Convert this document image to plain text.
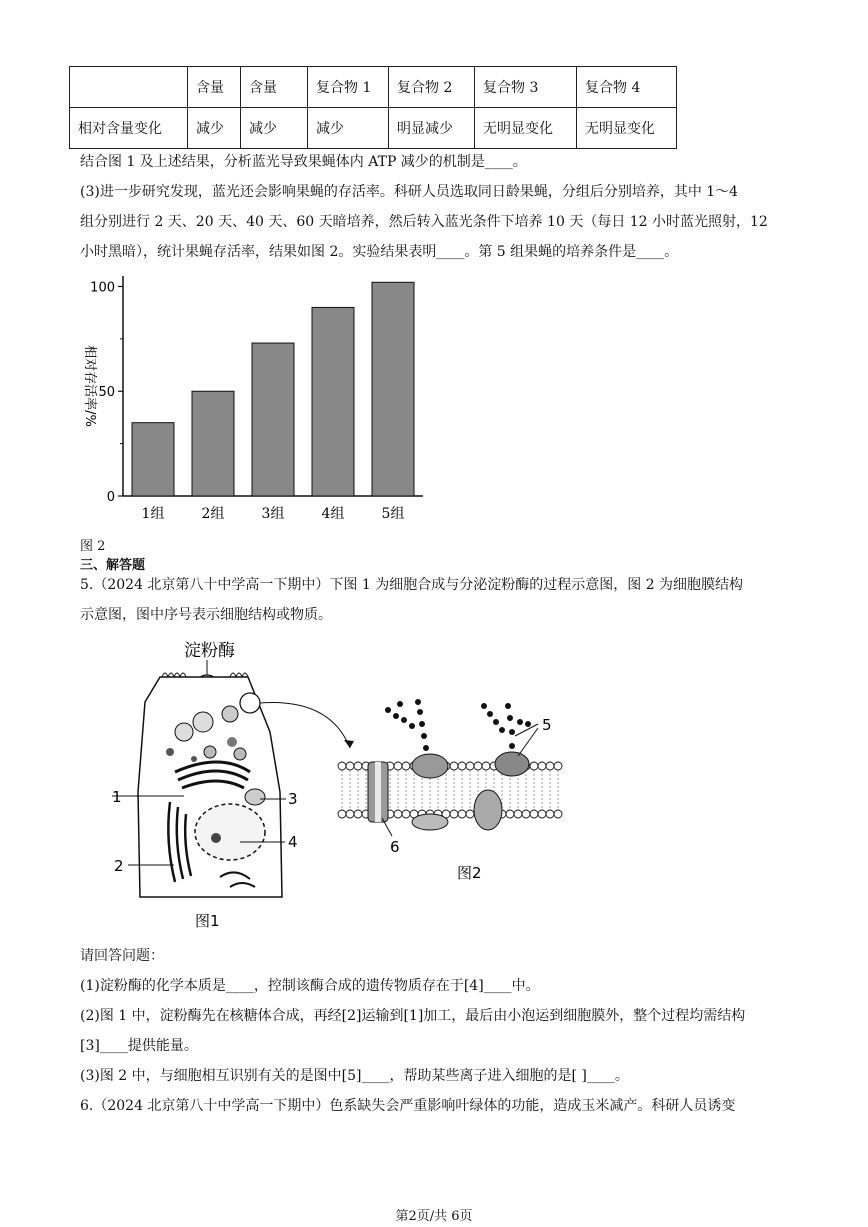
	含量	含量	复合物 1	复合物 2	复合物 3	复合物 4
相对含量变化	减少	减少	减少	明显减少	无明显变化	无明显变化
结合图 1 及上述结果，分析蓝光导致果蝇体内 ATP 减少的机制是____。
(3)进一步研究发现，蓝光还会影响果蝇的存活率。科研人员选取同日龄果蝇，分组后分别培养，其中 1～4
组分别进行 2 天、20 天、40 天、60 天暗培养，然后转入蓝光条件下培养 10 天（每日 12 小时蓝光照射，12
小时黑暗），统计果蝇存活率，结果如图 2。实验结果表明____。第 5 组果蝇的培养条件是____。
0
50
100
1组	2组	3组	4组	5组
相对存活率/%
图 2
三、解答题
5.（2024 北京第八十中学高一下期中）下图 1 为细胞合成与分泌淀粉酶的过程示意图，图 2 为细胞膜结构
示意图，图中序号表示细胞结构或物质。
淀粉酶
1
2
3
4
图1
5
6
图2
请回答问题：
(1)淀粉酶的化学本质是____，控制该酶合成的遗传物质存在于[4]____中。
(2)图 1 中，淀粉酶先在核糖体合成，再经[2]运输到[1]加工，最后由小泡运到细胞膜外，整个过程均需结构
[3]____提供能量。
(3)图 2 中，与细胞相互识别有关的是图中[5]____，帮助某些离子进入细胞的是[ ]____。
6.（2024 北京第八十中学高一下期中）色系缺失会严重影响叶绿体的功能，造成玉米减产。科研人员诱变
第2页/共 6页
